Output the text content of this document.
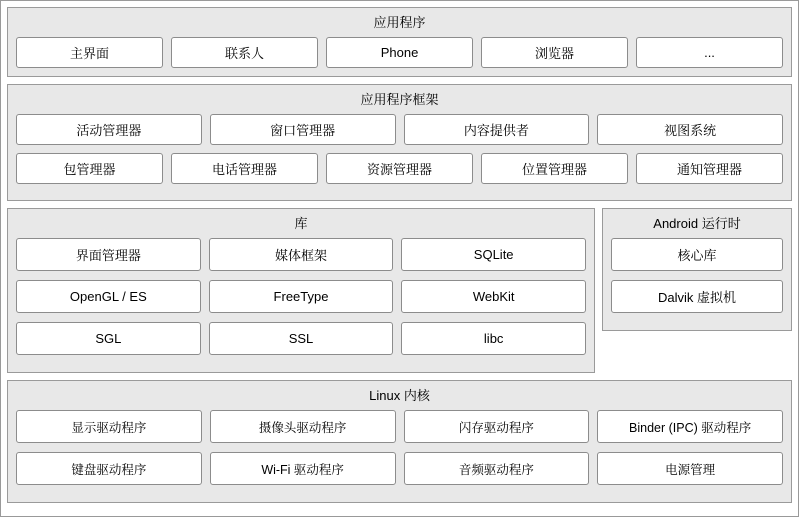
应用程序
主界面	联系人	Phone	浏览器	...
应用程序框架
活动管理器	窗口管理器	内容提供者	视图系统
包管理器	电话管理器	资源管理器	位置管理器	通知管理器
库
界面管理器	媒体框架	SQLite
OpenGL / ES	FreeType	WebKit
SGL	SSL	libc
Android 运行时
核心库
Dalvik 虚拟机
Linux 内核
显示驱动程序	摄像头驱动程序	闪存驱动程序	Binder (IPC) 驱动程序
键盘驱动程序	Wi-Fi 驱动程序	音频驱动程序	电源管理
